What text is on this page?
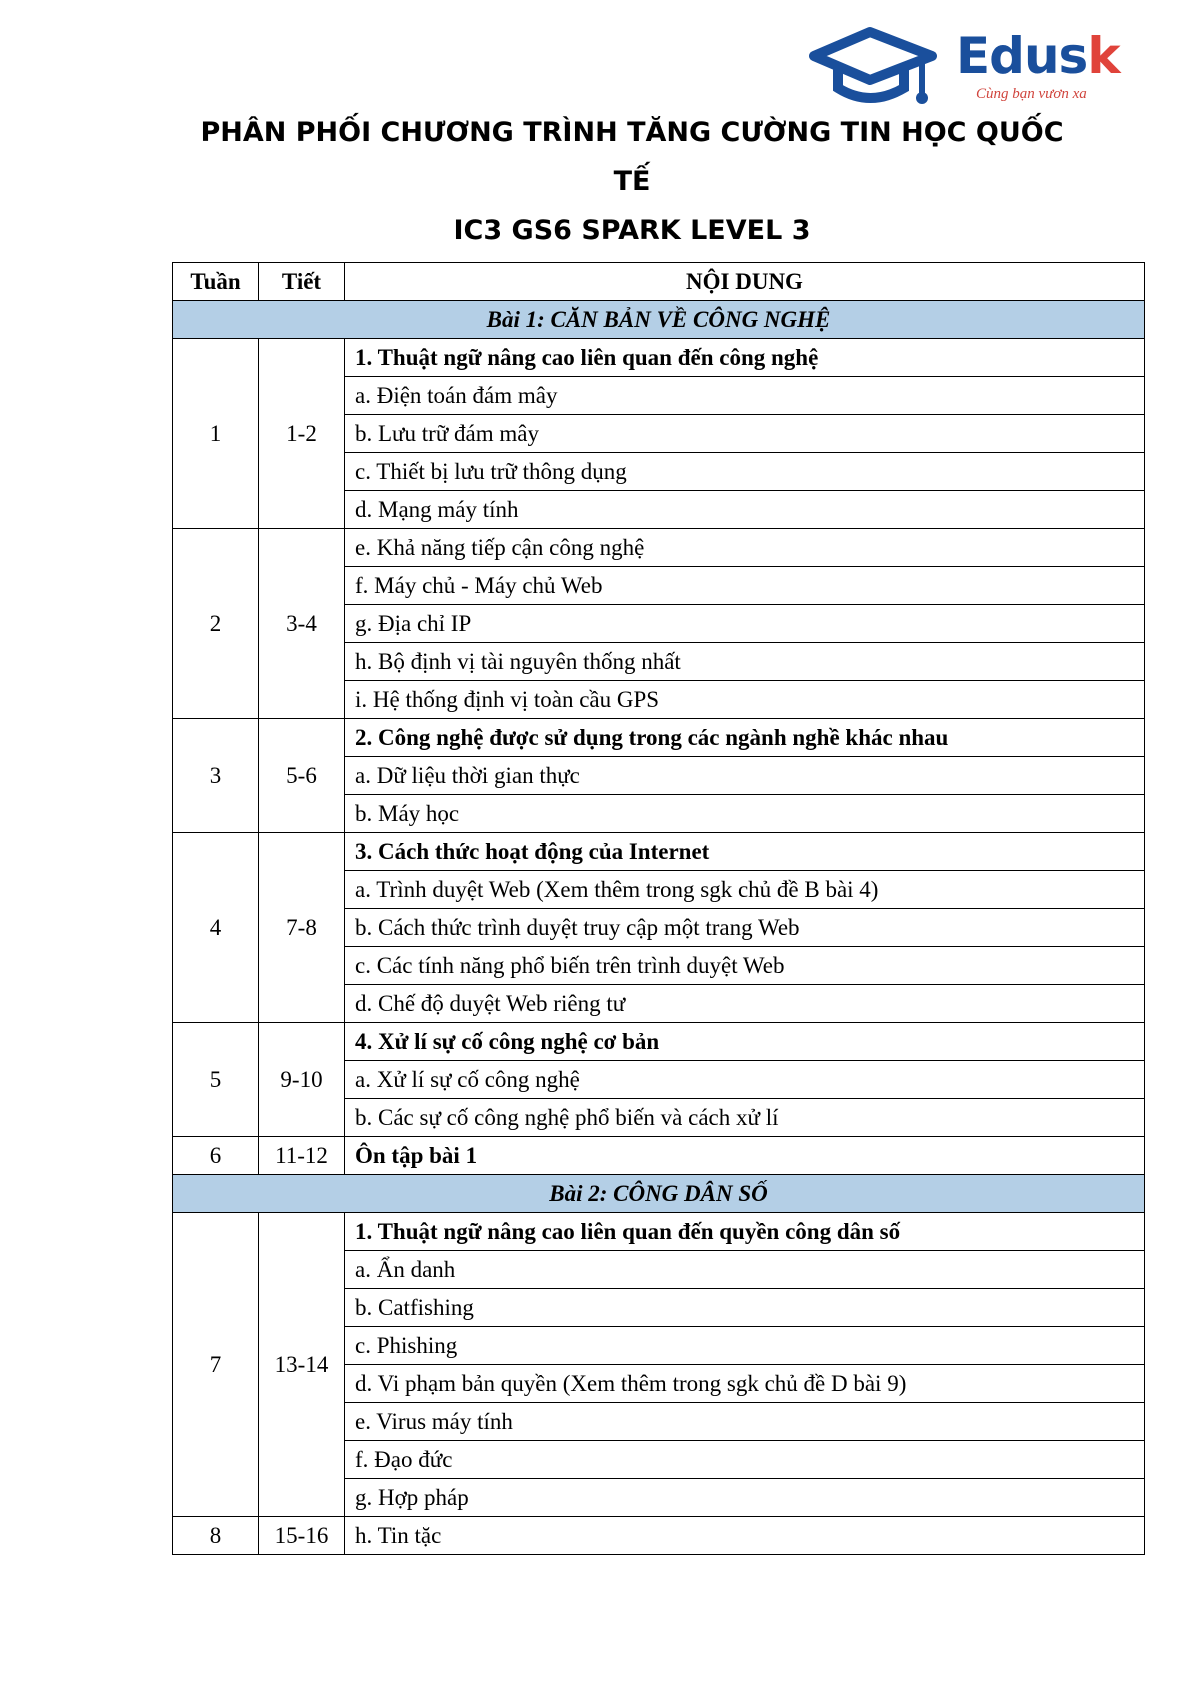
Edusk
Cùng bạn vươn xa
PHÂN PHỐI CHƯƠNG TRÌNH TĂNG CƯỜNG TIN HỌC QUỐC
TẾ
IC3 GS6 SPARK LEVEL 3
Tuần	Tiết	NỘI DUNG
Bài 1: CĂN BẢN VỀ CÔNG NGHỆ		
1	1-2	1. Thuật ngữ nâng cao liên quan đến công nghệ
		a. Điện toán đám mây
		b. Lưu trữ đám mây
		c. Thiết bị lưu trữ thông dụng
		d. Mạng máy tính
2	3-4	e. Khả năng tiếp cận công nghệ
		f. Máy chủ - Máy chủ Web
		g. Địa chỉ IP
		h. Bộ định vị tài nguyên thống nhất
		i. Hệ thống định vị toàn cầu GPS
3	5-6	2. Công nghệ được sử dụng trong các ngành nghề khác nhau
		a. Dữ liệu thời gian thực
		b. Máy học
4	7-8	3. Cách thức hoạt động của Internet
		a. Trình duyệt Web (Xem thêm trong sgk chủ đề B bài 4)
		b. Cách thức trình duyệt truy cập một trang Web
		c. Các tính năng phổ biến trên trình duyệt Web
		d. Chế độ duyệt Web riêng tư
5	9-10	4. Xử lí sự cố công nghệ cơ bản
		a. Xử lí sự cố công nghệ
		b. Các sự cố công nghệ phổ biến và cách xử lí
6	11-12	Ôn tập bài 1
Bài 2: CÔNG DÂN SỐ		
7	13-14	1. Thuật ngữ nâng cao liên quan đến quyền công dân số
		a. Ẩn danh
		b. Catfishing
		c. Phishing
		d. Vi phạm bản quyền (Xem thêm trong sgk chủ đề D bài 9)
		e. Virus máy tính
		f. Đạo đức
		g. Hợp pháp
8	15-16	h. Tin tặc
